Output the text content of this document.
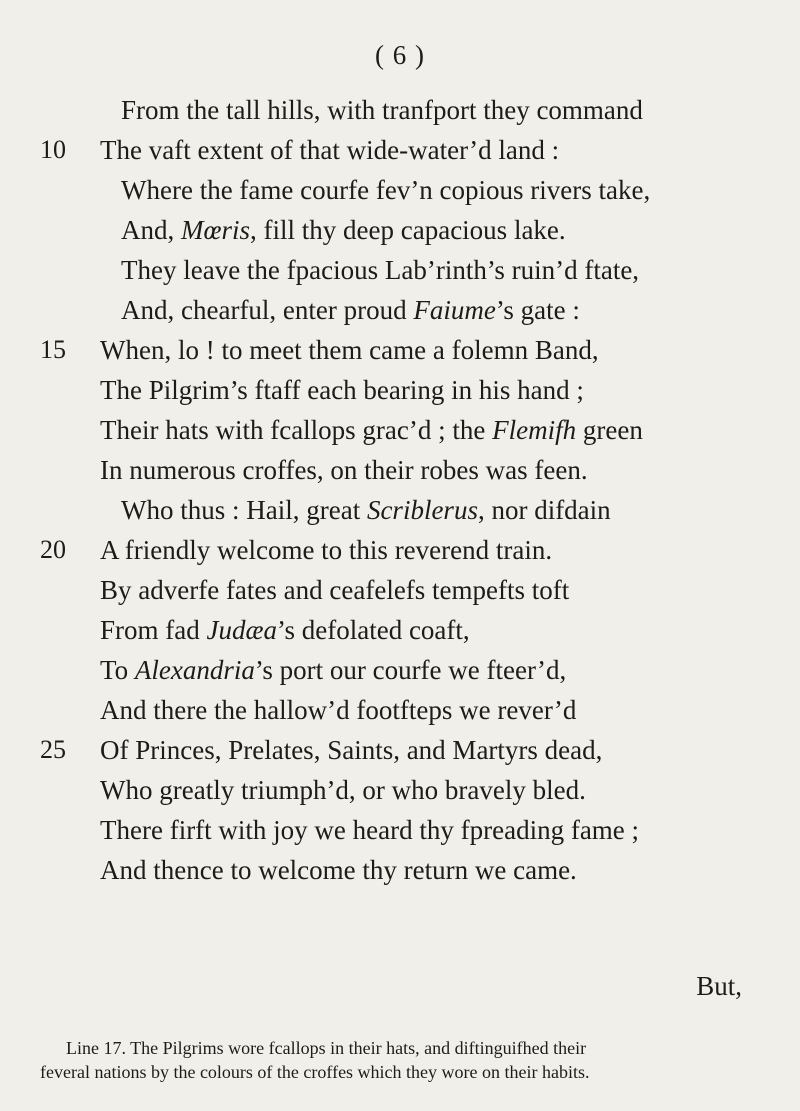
( 6 )
From the tall hills, with tranfport they command
10	The vaft extent of that wide-water’d land :
Where the fame courfe fev’n copious rivers take,
And, Mœris, fill thy deep capacious lake.
They leave the fpacious Lab’rinth’s ruin’d ftate,
And, chearful, enter proud Faiume’s gate :
15	When, lo ! to meet them came a folemn Band,
The Pilgrim’s ftaff each bearing in his hand ;
Their hats with fcallops grac’d ; the Flemifh green
In numerous croffes, on their robes was feen.
Who thus : Hail, great Scriblerus, nor difdain
20	A friendly welcome to this reverend train.
By adverfe fates and ceafelefs tempefts toft
From fad Judæa’s defolated coaft,
To Alexandria’s port our courfe we fteer’d,
And there the hallow’d footfteps we rever’d
25	Of Princes, Prelates, Saints, and Martyrs dead,
Who greatly triumph’d, or who bravely bled.
There firft with joy we heard thy fpreading fame ;
And thence to welcome thy return we came.
But,
Line 17. The Pilgrims wore fcallops in their hats, and diftinguifhed their
feveral nations by the colours of the croffes which they wore on their habits.
